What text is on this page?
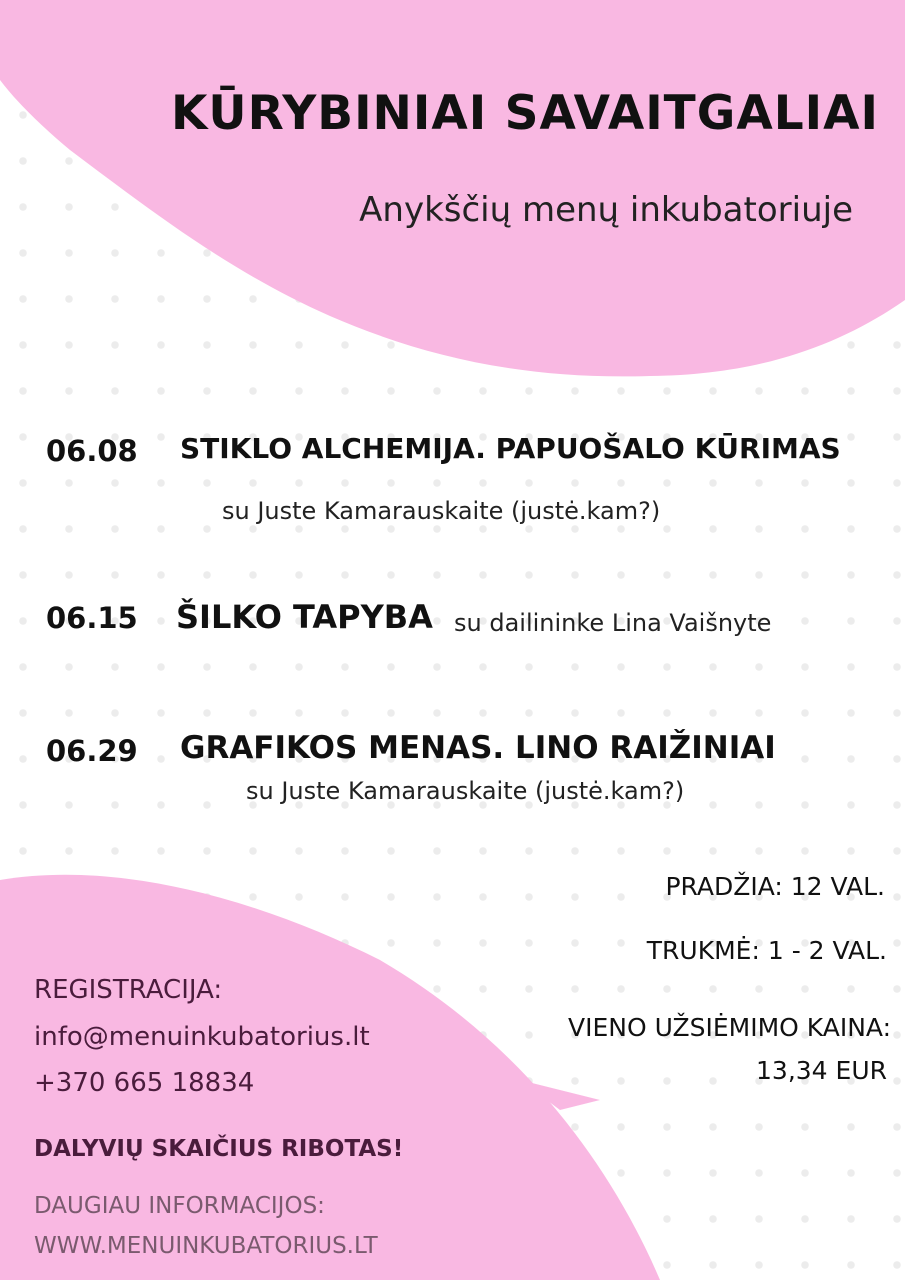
KŪRYBINIAI SAVAITGALIAI

Anykščių menų inkubatoriuje

06.08 STIKLO ALCHEMIJA. PAPUOŠALO KŪRIMAS
su Juste Kamarauskaite (justė.kam?)
06.15 ŠILKO TAPYBA su dailininke Lina Vaišnyte
06.29 GRAFIKOS MENAS. LINO RAIŽINIAI
su Juste Kamarauskaite (justė.kam?)
PRADŽIA: 12 VAL.
TRUKMĖ: 1 - 2 VAL.
VIENO UŽSIĖMIMO KAINA:
13,34 EUR
REGISTRACIJA:
info@menuinkubatorius.lt
+370 665 18834
DALYVIŲ SKAIČIUS RIBOTAS!
DAUGIAU INFORMACIJOS:
WWW.MENUINKUBATORIUS.LT
